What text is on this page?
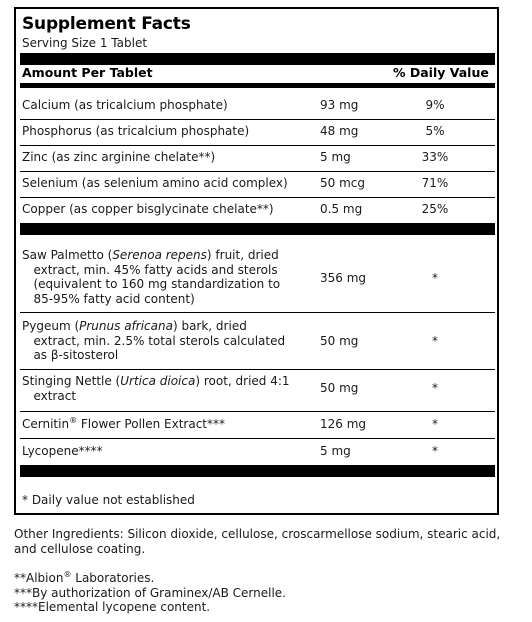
Supplement Facts
Serving Size 1 Tablet
Amount Per Tablet	% Daily Value
Calcium (as tricalcium phosphate)	93 mg	9%
Phosphorus (as tricalcium phosphate)	48 mg	5%
Zinc (as zinc arginine chelate**)	5 mg	33%
Selenium (as selenium amino acid complex)	50 mcg	71%
Copper (as copper bisglycinate chelate**)	0.5 mg	25%
Saw Palmetto (Serenoa repens) fruit, dried
extract, min. 45% fatty acids and sterols
(equivalent to 160 mg standardization to
85-95% fatty acid content)
356 mg	*
Pygeum (Prunus africana) bark, dried
extract, min. 2.5% total sterols calculated
as β-sitosterol
50 mg	*
Stinging Nettle (Urtica dioica) root, dried 4:1
extract
50 mg	*
Cernitin® Flower Pollen Extract***	126 mg	*
Lycopene****	5 mg	*
* Daily value not established
Other Ingredients: Silicon dioxide, cellulose, croscarmellose sodium, stearic acid,
and cellulose coating.
**Albion® Laboratories.
***By authorization of Graminex/AB Cernelle.
****Elemental lycopene content.
